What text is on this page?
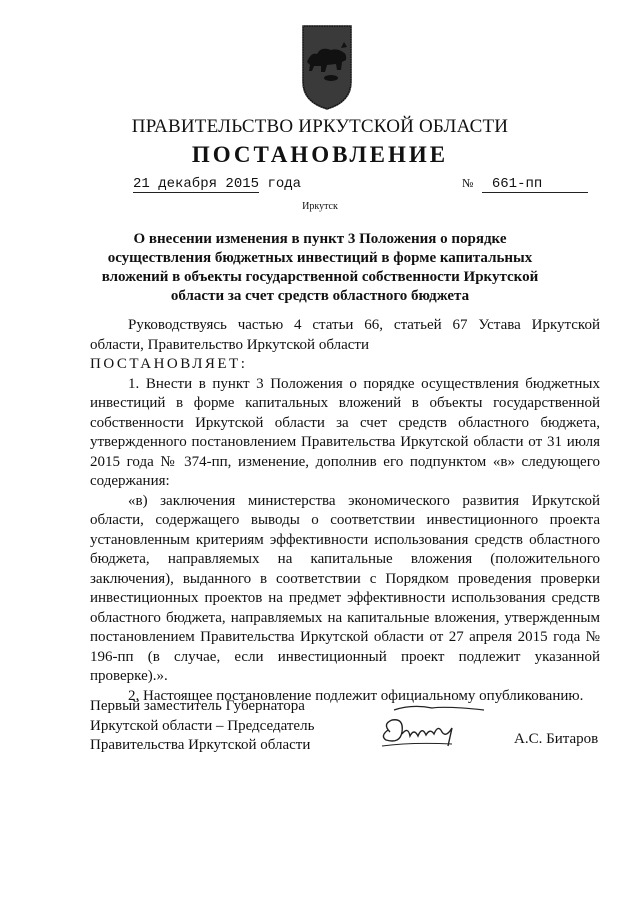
ПРАВИТЕЛЬСТВО ИРКУТСКОЙ ОБЛАСТИ
ПОСТАНОВЛЕНИЕ
21 декабря 2015 года	№ 661-пп
Иркутск
О внесении изменения в пункт 3 Положения о порядке осуществления бюджетных инвестиций в форме капитальных вложений в объекты государственной собственности Иркутской области за счет средств областного бюджета

Руководствуясь частью 4 статьи 66, статьей 67 Устава Иркутской области, Правительство Иркутской области

ПОСТАНОВЛЯЕТ:

1. Внести в пункт 3 Положения о порядке осуществления бюджетных инвестиций в форме капитальных вложений в объекты государственной собственности Иркутской области за счет средств областного бюджета, утвержденного постановлением Правительства Иркутской области от 31 июля 2015 года № 374-пп, изменение, дополнив его подпунктом «в» следующего содержания:

«в) заключения министерства экономического развития Иркутской области, содержащего выводы о соответствии инвестиционного проекта установленным критериям эффективности использования средств областного бюджета, направляемых на капитальные вложения (положительного заключения), выданного в соответствии с Порядком проведения проверки инвестиционных проектов на предмет эффективности использования средств областного бюджета, направляемых на капитальные вложения, утвержденным постановлением Правительства Иркутской области от 27 апреля 2015 года № 196-пп (в случае, если инвестиционный проект подлежит указанной проверке).».

2. Настоящее постановление подлежит официальному опубликованию.

Первый заместитель Губернатора
Иркутской области – Председатель
Правительства Иркутской области	А.С. Битаров
